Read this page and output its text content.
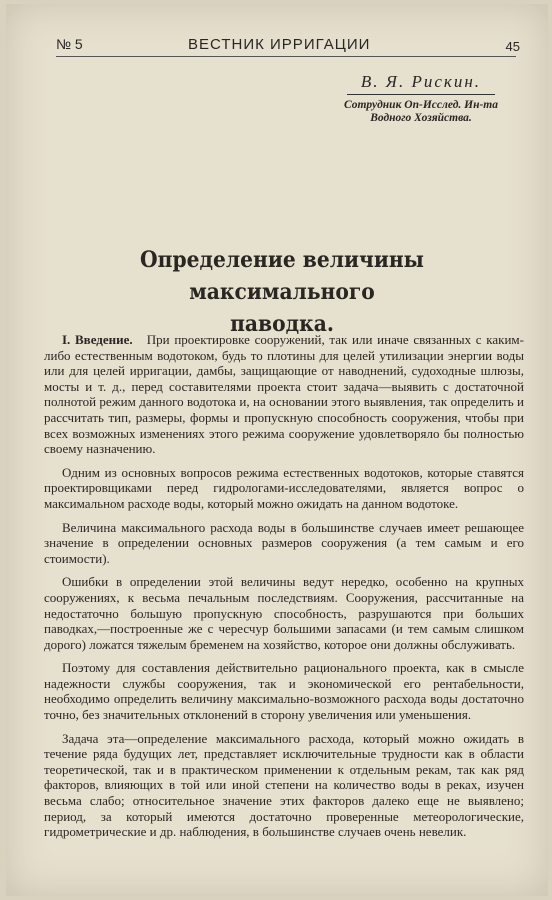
№ 5	ВЕСТНИК ИРРИГАЦИИ	45
В. Я. Рискин.
Сотрудник Оп-Исслед. Ин-та
Водного Хозяйства.
Определение величины максимального
паводка.

I. Введение. При проектировке сооружений, так или иначе связанных с каким-либо естественным водотоком, будь то плотины для целей утилизации энергии воды или для целей ирригации, дамбы, защищающие от наводнений, судоходные шлюзы, мосты и т. д., перед составителями проекта стоит задача—выявить с достаточной полнотой режим данного водотока и, на основании этого выявления, так определить и рассчитать тип, размеры, формы и пропускную способность сооружения, чтобы при всех возможных изменениях этого режима сооружение удовлетворяло бы полностью своему назначению.

Одним из основных вопросов режима естественных водотоков, которые ставятся проектировщиками перед гидрологами-исследователями, является вопрос о максимальном расходе воды, который можно ожидать на данном водотоке.

Величина максимального расхода воды в большинстве случаев имеет решающее значение в определении основных размеров сооружения (а тем самым и его стоимости).

Ошибки в определении этой величины ведут нередко, особенно на крупных сооружениях, к весьма печальным последствиям. Сооружения, рассчитанные на недостаточно большую пропускную способность, разрушаются при больших паводках,—построенные же с чересчур большими запасами (и тем самым слишком дорого) ложатся тяжелым бременем на хозяйство, которое они должны обслуживать.

Поэтому для составления действительно рационального проекта, как в смысле надежности службы сооружения, так и экономической его рентабельности, необходимо определить величину максимально-возможного расхода воды достаточно точно, без значительных отклонений в сторону увеличения или уменьшения.

Задача эта—определение максимального расхода, который можно ожидать в течение ряда будущих лет, представляет исключительные трудности как в области теоретической, так и в практическом применении к отдельным рекам, так как ряд факторов, влияющих в той или иной степени на количество воды в реках, изучен весьма слабо; относительное значение этих факторов далеко еще не выявлено; период, за который имеются достаточно проверенные метеорологические, гидрометрические и др. наблюдения, в большинстве случаев очень невелик.
